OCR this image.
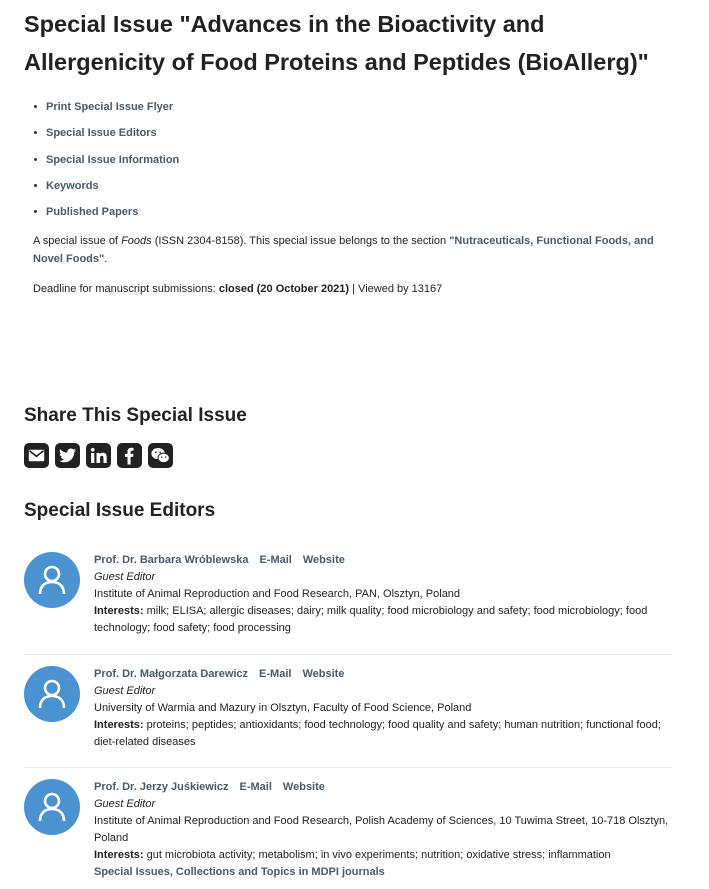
Special Issue "Advances in the Bioactivity and Allergenicity of Food Proteins and Peptides (BioAllerg)"
Print Special Issue Flyer
Special Issue Editors
Special Issue Information
Keywords
Published Papers

A special issue of Foods (ISSN 2304-8158). This special issue belongs to the section "Nutraceuticals, Functional Foods, and Novel Foods".

Deadline for manuscript submissions: closed (20 October 2021) | Viewed by 13167

Share This Special Issue
Special Issue Editors
Prof. Dr. Barbara Wróblewska E-Mail Website
Guest Editor
Institute of Animal Reproduction and Food Research, PAN, Olsztyn, Poland
Interests: milk; ELISA; allergic diseases; dairy; milk quality; food microbiology and safety; food microbiology; food technology; food safety; food processing
Prof. Dr. Małgorzata Darewicz E-Mail Website
Guest Editor
University of Warmia and Mazury in Olsztyn, Faculty of Food Science, Poland
Interests: proteins; peptides; antioxidants; food technology; food quality and safety; human nutrition; functional food; diet-related diseases
Prof. Dr. Jerzy Juśkiewicz E-Mail Website
Guest Editor
Institute of Animal Reproduction and Food Research, Polish Academy of Sciences, 10 Tuwima Street, 10-718 Olsztyn, Poland
Interests: gut microbiota activity; metabolism; in vivo experiments; nutrition; oxidative stress; inflammation
Special Issues, Collections and Topics in MDPI journals
